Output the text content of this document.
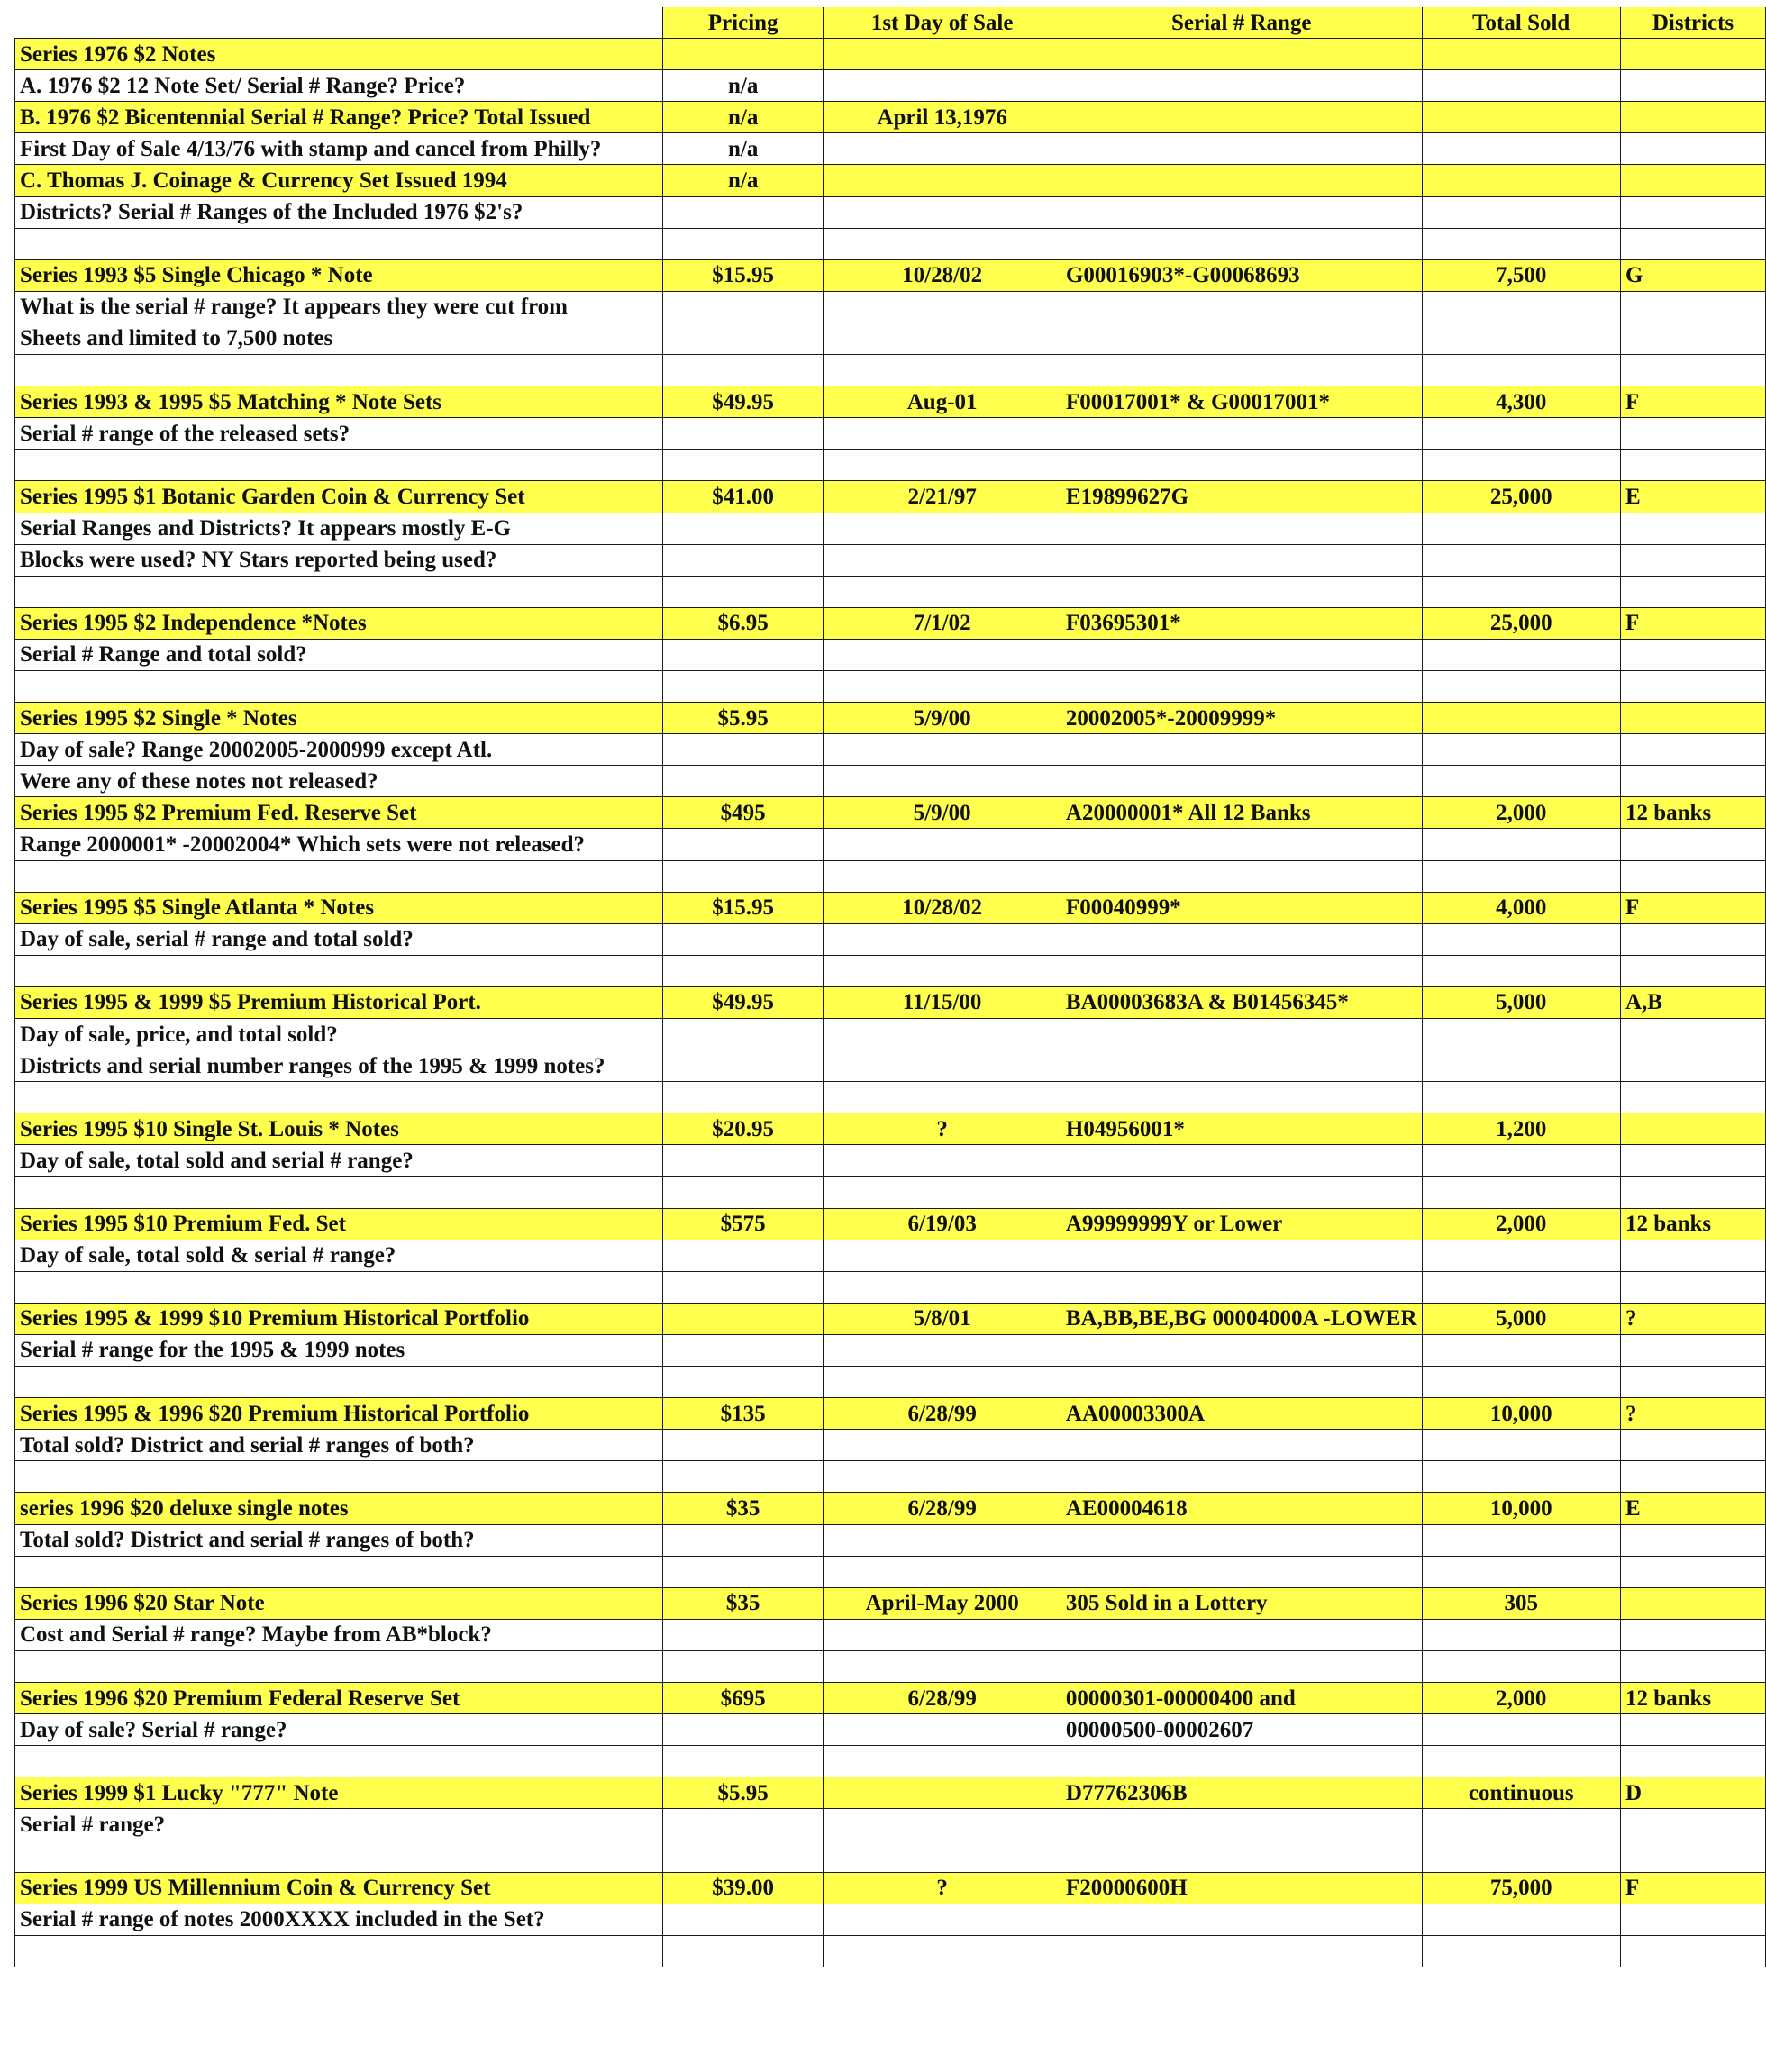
	Pricing	1st Day of Sale	Serial # Range	Total Sold	Districts
Series 1976 $2 Notes					
A. 1976 $2 12 Note Set/ Serial # Range? Price?	n/a				
B. 1976 $2 Bicentennial Serial # Range? Price? Total Issued	n/a	April 13,1976			
First Day of Sale 4/13/76 with stamp and cancel from Philly?	n/a				
C. Thomas J. Coinage & Currency Set Issued 1994	n/a				
Districts? Serial # Ranges of the Included 1976 $2's?					

Series 1993 $5 Single Chicago * Note	$15.95	10/28/02	G00016903*-G00068693	7,500	G
What is the serial # range? It appears they were cut from					
Sheets and limited to 7,500 notes					

Series 1993 & 1995 $5 Matching * Note Sets	$49.95	Aug-01	F00017001* & G00017001*	4,300	F
Serial # range of the released sets?					

Series 1995 $1 Botanic Garden Coin & Currency Set	$41.00	2/21/97	E19899627G	25,000	E
Serial Ranges and Districts? It appears mostly E-G					
Blocks were used? NY Stars reported being used?					

Series 1995 $2 Independence *Notes	$6.95	7/1/02	F03695301*	25,000	F
Serial # Range and total sold?					

Series 1995 $2 Single * Notes	$5.95	5/9/00	20002005*-20009999*		
Day of sale? Range 20002005-2000999 except Atl.					
Were any of these notes not released?					
Series 1995 $2 Premium Fed. Reserve Set	$495	5/9/00	A20000001* All 12 Banks	2,000	12 banks
Range 2000001* -20002004* Which sets were not released?					

Series 1995 $5 Single Atlanta * Notes	$15.95	10/28/02	F00040999*	4,000	F
Day of sale, serial # range and total sold?					

Series 1995 & 1999 $5 Premium Historical Port.	$49.95	11/15/00	BA00003683A & B01456345*	5,000	A,B
Day of sale, price, and total sold?					
Districts and serial number ranges of the 1995 & 1999 notes?					

Series 1995 $10 Single St. Louis * Notes	$20.95	?	H04956001*	1,200	
Day of sale, total sold and serial # range?					

Series 1995 $10 Premium Fed. Set	$575	6/19/03	A99999999Y or Lower	2,000	12 banks
Day of sale, total sold & serial # range?					

Series 1995 & 1999 $10 Premium Historical Portfolio		5/8/01	BA,BB,BE,BG 00004000A -LOWER	5,000	?
Serial # range for the 1995 & 1999 notes					

Series 1995 & 1996 $20 Premium Historical Portfolio	$135	6/28/99	AA00003300A	10,000	?
Total sold? District and serial # ranges of both?					

series 1996 $20 deluxe single notes	$35	6/28/99	AE00004618	10,000	E
Total sold? District and serial # ranges of both?					

Series 1996 $20 Star Note	$35	April-May 2000	305 Sold in a Lottery	305	
Cost and Serial # range? Maybe from AB*block?					

Series 1996 $20 Premium Federal Reserve Set	$695	6/28/99	00000301-00000400 and	2,000	12 banks
Day of sale? Serial # range?			00000500-00002607		

Series 1999 $1 Lucky "777" Note	$5.95		D77762306B	continuous	D
Serial # range?					

Series 1999 US Millennium Coin & Currency Set	$39.00	?	F20000600H	75,000	F
Serial # range of notes 2000XXXX included in the Set?					
